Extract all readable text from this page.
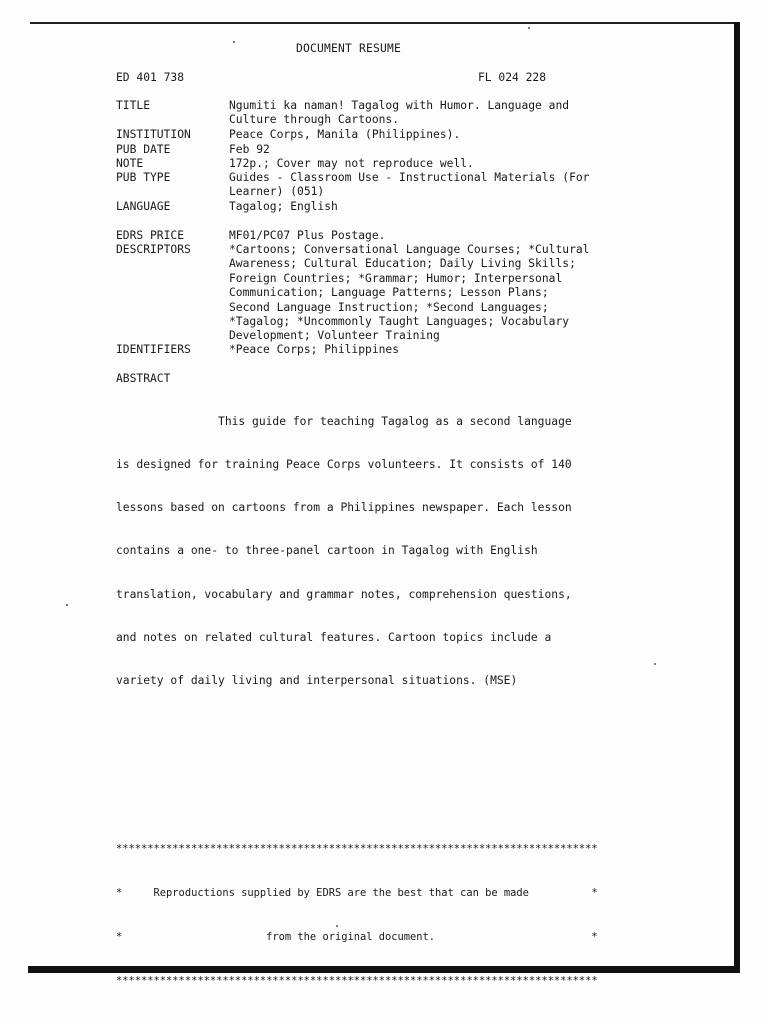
DOCUMENT RESUME
ED 401 738	FL 024 228
TITLE	Ngumiti ka naman! Tagalog with Humor. Language and
Culture through Cartoons.
INSTITUTION	Peace Corps, Manila (Philippines).
PUB DATE	Feb 92
NOTE	172p.; Cover may not reproduce well.
PUB TYPE	Guides - Classroom Use - Instructional Materials (For
Learner) (051)
LANGUAGE	Tagalog; English
EDRS PRICE	MF01/PC07 Plus Postage.
DESCRIPTORS	*Cartoons; Conversational Language Courses; *Cultural
Awareness; Cultural Education; Daily Living Skills;
Foreign Countries; *Grammar; Humor; Interpersonal
Communication; Language Patterns; Lesson Plans;
Second Language Instruction; *Second Languages;
*Tagalog; *Uncommonly Taught Languages; Vocabulary
Development; Volunteer Training
IDENTIFIERS	*Peace Corps; Philippines
ABSTRACT

This guide for teaching Tagalog as a second language

is designed for training Peace Corps volunteers. It consists of 140

lessons based on cartoons from a Philippines newspaper. Each lesson

contains a one- to three-panel cartoon in Tagalog with English

translation, vocabulary and grammar notes, comprehension questions,

and notes on related cultural features. Cartoon topics include a

variety of daily living and interpersonal situations. (MSE)

*****************************************************************************

*     Reproductions supplied by EDRS are the best that can be made          *

*                       from the original document.                         *

*****************************************************************************
